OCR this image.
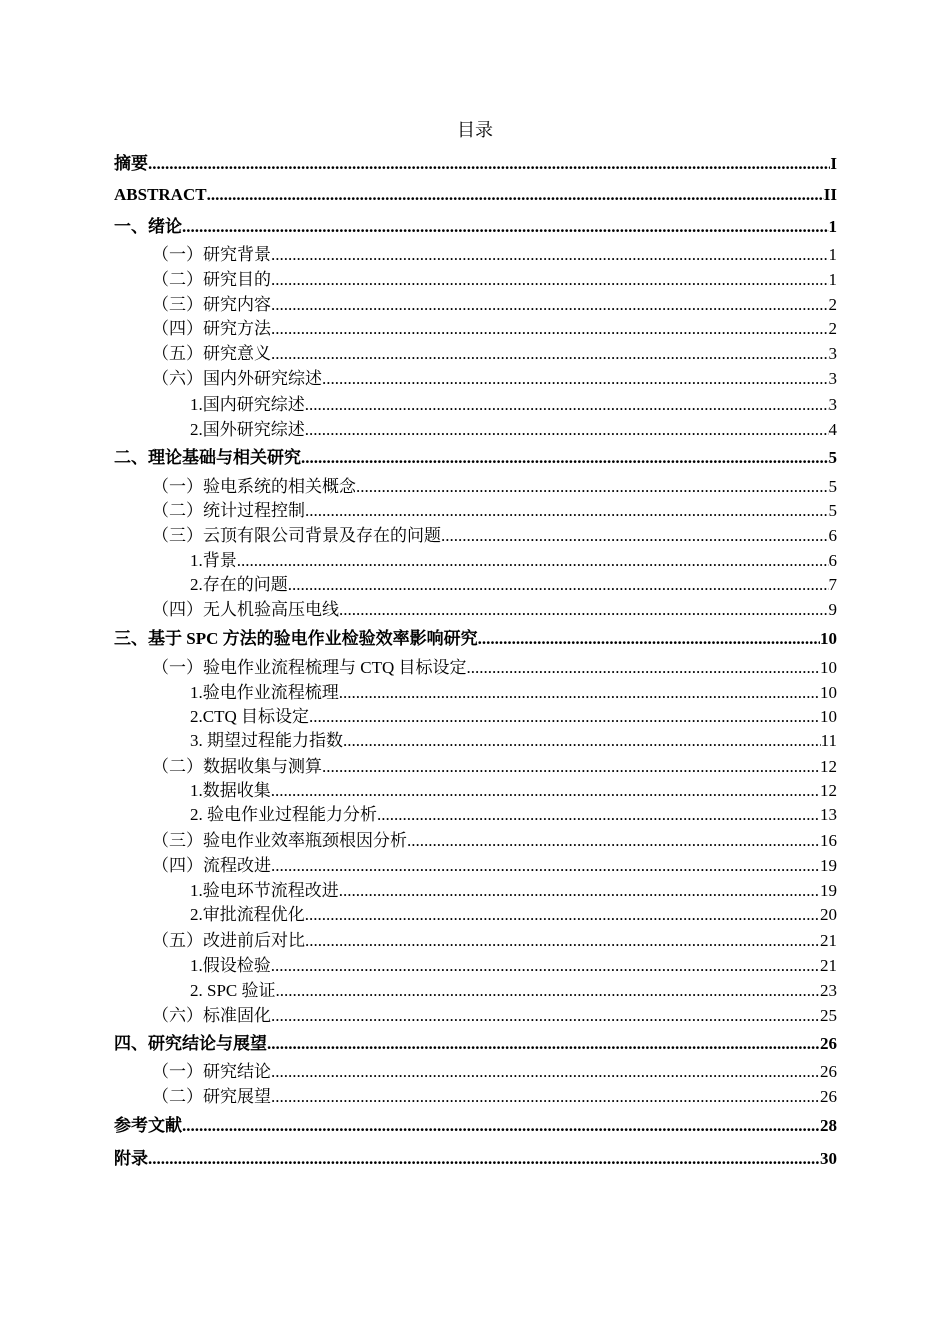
目录
摘要 .....	I
ABSTRACT .....	II
一、绪论 .....	1
（一）研究背景 .....	1
（二）研究目的 .....	1
（三）研究内容 .....	2
（四）研究方法 .....	2
（五）研究意义 .....	3
（六）国内外研究综述 .....	3
1.国内研究综述 .....	3
2.国外研究综述 .....	4
二、理论基础与相关研究 .....	5
（一）验电系统的相关概念 .....	5
（二）统计过程控制 .....	5
（三）云顶有限公司背景及存在的问题 .....	6
1.背景 .....	6
2.存在的问题 .....	7
（四）无人机验高压电线 .....	9
三、基于 SPC 方法的验电作业检验效率影响研究 .....	10
（一）验电作业流程梳理与 CTQ 目标设定 .....	10
1.验电作业流程梳理 .....	10
2.CTQ 目标设定 .....	10
3. 期望过程能力指数 .....	11
（二）数据收集与测算 .....	12
1.数据收集 .....	12
2. 验电作业过程能力分析 .....	13
（三）验电作业效率瓶颈根因分析 .....	16
（四）流程改进 .....	19
1.验电环节流程改进 .....	19
2.审批流程优化 .....	20
（五）改进前后对比 .....	21
1.假设检验 .....	21
2. SPC 验证 .....	23
（六）标准固化 .....	25
四、研究结论与展望 .....	26
（一）研究结论 .....	26
（二）研究展望 .....	26
参考文献 .....	28
附录 .....	30
